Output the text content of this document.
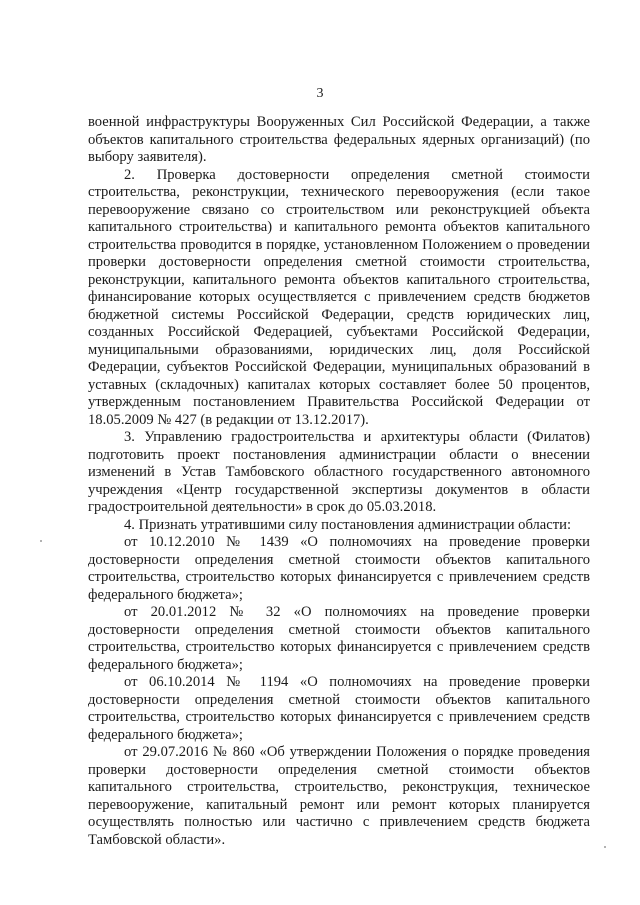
3

военной инфраструктуры Вооруженных Сил Российской Федерации, а также объектов капитального строительства федеральных ядерных организаций) (по выбору заявителя).

2. Проверка достоверности определения сметной стоимости строительства, реконструкции, технического перевооружения (если такое перевооружение связано со строительством или реконструкцией объекта капитального строительства) и капитального ремонта объектов капитального строительства проводится в порядке, установленном Положением о проведении проверки достоверности определения сметной стоимости строительства, реконструкции, капитального ремонта объектов капитального строительства, финансирование которых осуществляется с привлечением средств бюджетов бюджетной системы Российской Федерации, средств юридических лиц, созданных Российской Федерацией, субъектами Российской Федерации, муниципальными образованиями, юридических лиц, доля Российской Федерации, субъектов Российской Федерации, муниципальных образований в уставных (складочных) капиталах которых составляет более 50 процентов, утвержденным постановлением Правительства Российской Федерации от 18.05.2009 № 427 (в редакции от 13.12.2017).

3. Управлению градостроительства и архитектуры области (Филатов) подготовить проект постановления администрации области о внесении изменений в Устав Тамбовского областного государственного автономного учреждения «Центр государственной экспертизы документов в области градостроительной деятельности» в срок до 05.03.2018.

4. Признать утратившими силу постановления администрации области:

от 10.12.2010 № 1439 «О полномочиях на проведение проверки достоверности определения сметной стоимости объектов капитального строительства, строительство которых финансируется с привлечением средств федерального бюджета»;

от 20.01.2012 № 32 «О полномочиях на проведение проверки достоверности определения сметной стоимости объектов капитального строительства, строительство которых финансируется с привлечением средств федерального бюджета»;

от 06.10.2014 № 1194 «О полномочиях на проведение проверки достоверности определения сметной стоимости объектов капитального строительства, строительство которых финансируется с привлечением средств федерального бюджета»;

от 29.07.2016 № 860 «Об утверждении Положения о порядке проведения проверки достоверности определения сметной стоимости объектов капитального строительства, строительство, реконструкция, техническое перевооружение, капитальный ремонт или ремонт которых планируется осуществлять полностью или частично с привлечением средств бюджета Тамбовской области».
